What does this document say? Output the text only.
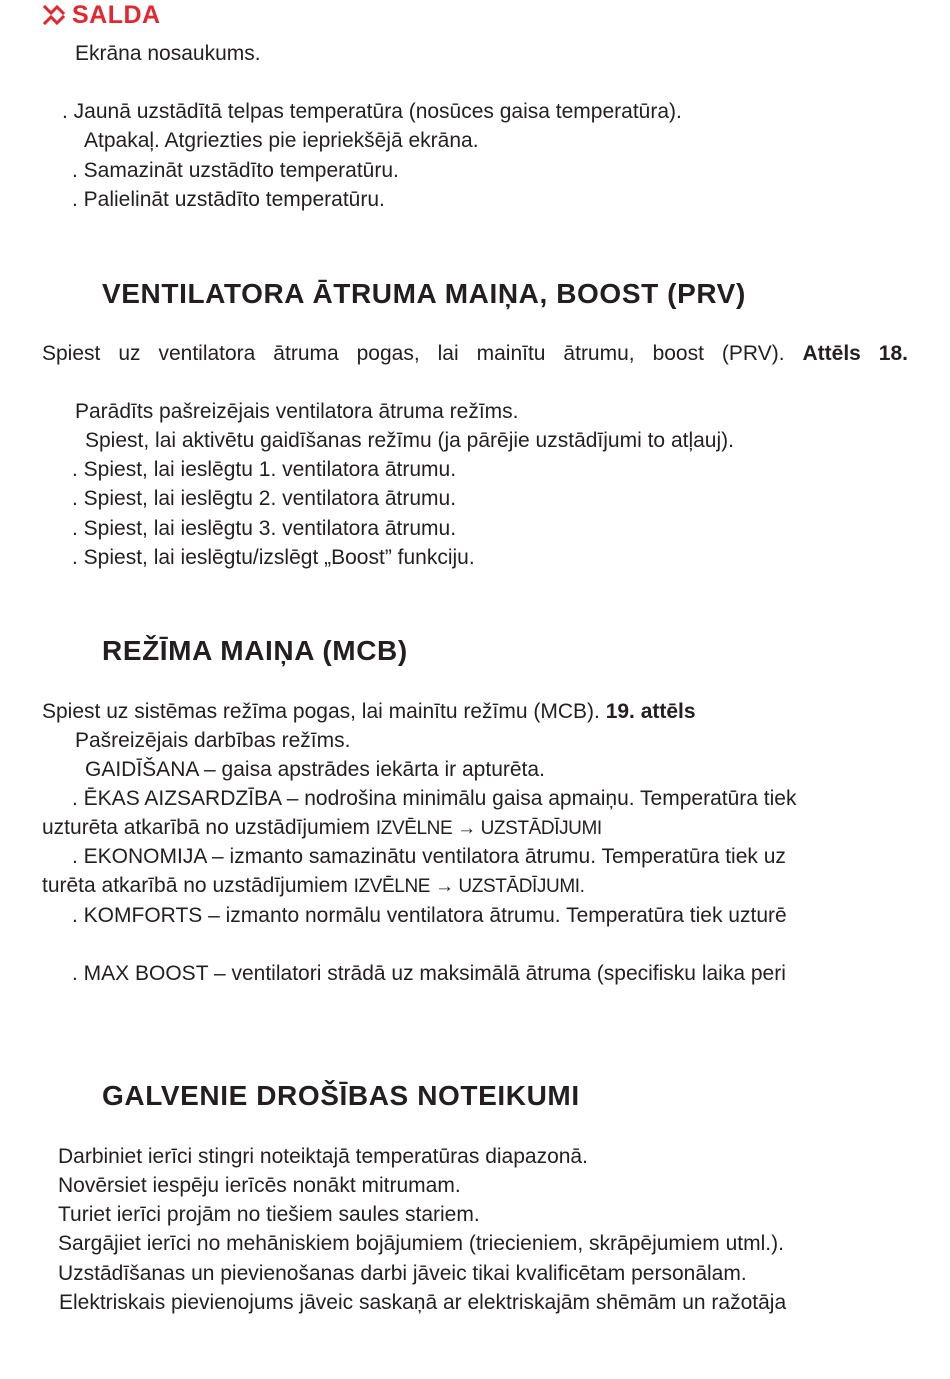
SALDA
Ekrāna nosaukums.
. Jaunā uzstādītā telpas temperatūra (nosūces gaisa temperatūra).
Atpakaļ. Atgriezties pie iepriekšējā ekrāna.
. Samazināt uzstādīto temperatūru.
. Palielināt uzstādīto temperatūru.
VENTILATORA ĀTRUMA MAIŅA, BOOST (PRV)
Spiest uz ventilatora ātruma pogas, lai mainītu ātrumu, boost (PRV). Attēls 18.
Parādīts pašreizējais ventilatora ātruma režīms.
Spiest, lai aktivētu gaidīšanas režīmu (ja pārējie uzstādījumi to atļauj).
. Spiest, lai ieslēgtu 1. ventilatora ātrumu.
. Spiest, lai ieslēgtu 2. ventilatora ātrumu.
. Spiest, lai ieslēgtu 3. ventilatora ātrumu.
. Spiest, lai ieslēgtu/izslēgt „Boost” funkciju.
REŽĪMA MAIŅA (MCB)
Spiest uz sistēmas režīma pogas, lai mainītu režīmu (MCB). 19. attēls
Pašreizējais darbības režīms.
GAIDĪŠANA – gaisa apstrādes iekārta ir apturēta.
. ĒKAS AIZSARDZĪBA – nodrošina minimālu gaisa apmaiņu. Temperatūra tiek
uzturēta atkarībā no uzstādījumiem IZVĒLNE → UZSTĀDĪJUMI
. EKONOMIJA – izmanto samazinātu ventilatora ātrumu. Temperatūra tiek uz
turēta atkarībā no uzstādījumiem IZVĒLNE → UZSTĀDĪJUMI.
. KOMFORTS – izmanto normālu ventilatora ātrumu. Temperatūra tiek uzturē
. MAX BOOST – ventilatori strādā uz maksimālā ātruma (specifisku laika peri
GALVENIE DROŠĪBAS NOTEIKUMI
Darbiniet ierīci stingri noteiktajā temperatūras diapazonā.
Novērsiet iespēju ierīcēs nonākt mitrumam.
Turiet ierīci projām no tiešiem saules stariem.
Sargājiet ierīci no mehāniskiem bojājumiem (triecieniem, skrāpējumiem utml.).
Uzstādīšanas un pievienošanas darbi jāveic tikai kvalificētam personālam.
Elektriskais pievienojums jāveic saskaņā ar elektriskajām shēmām un ražotāja
